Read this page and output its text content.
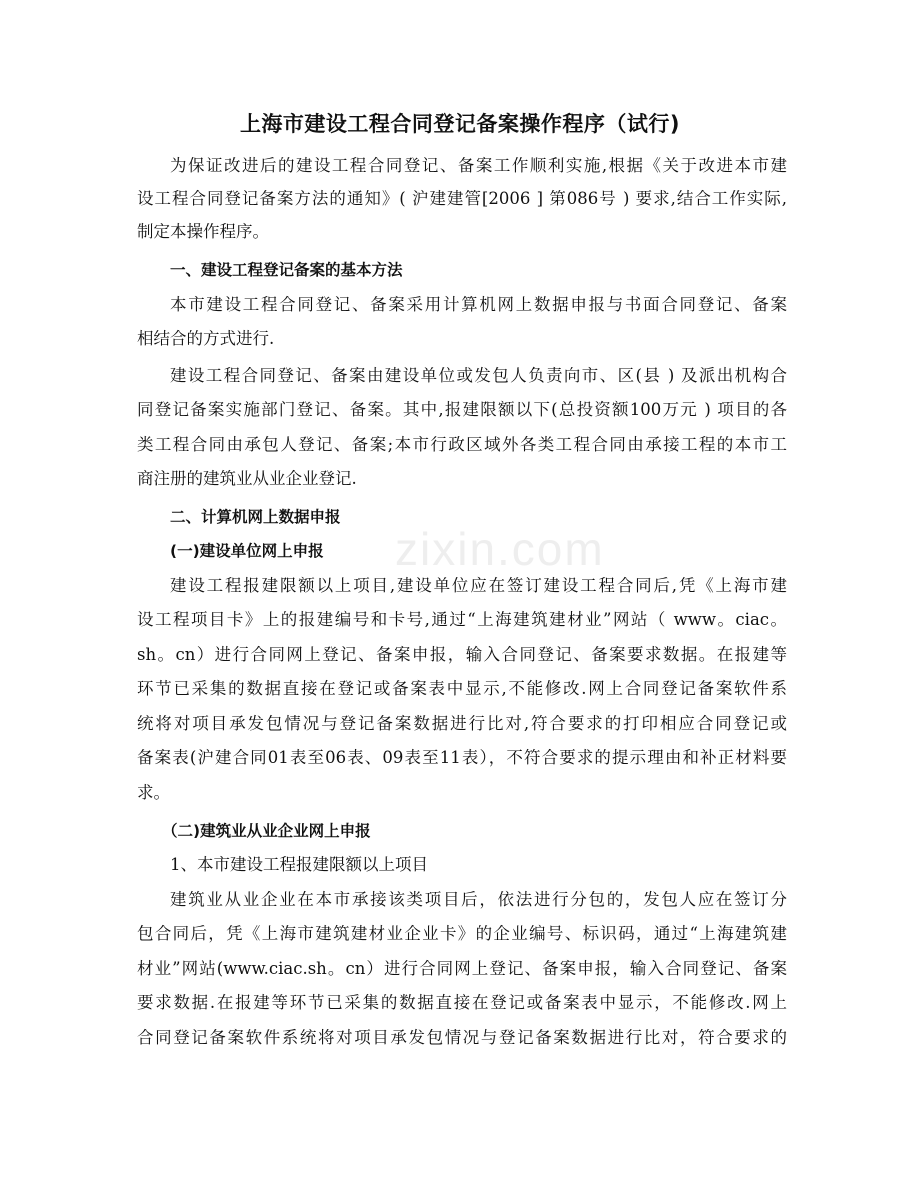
上海市建设工程合同登记备案操作程序（试行)
为保证改进后的建设工程合同登记、备案工作顺利实施,根据《关于改进本市建
设工程合同登记备案方法的通知》( 沪建建管[2006 ] 第086号 ) 要求,结合工作实际,
制定本操作程序。
一、建设工程登记备案的基本方法
本市建设工程合同登记、备案采用计算机网上数据申报与书面合同登记、备案
相结合的方式进行.
建设工程合同登记、备案由建设单位或发包人负责向市、区(县 ) 及派出机构合
同登记备案实施部门登记、备案。其中,报建限额以下(总投资额100万元 ) 项目的各
类工程合同由承包人登记、备案;本市行政区域外各类工程合同由承接工程的本市工
商注册的建筑业从业企业登记.
二、计算机网上数据申报
(一)建设单位网上申报
建设工程报建限额以上项目,建设单位应在签订建设工程合同后,凭《上海市建
设工程项目卡》上的报建编号和卡号,通过“上海建筑建材业”网站（ www。ciac。
sh。cn）进行合同网上登记、备案申报，输入合同登记、备案要求数据。在报建等
环节已采集的数据直接在登记或备案表中显示,不能修改.网上合同登记备案软件系
统将对项目承发包情况与登记备案数据进行比对,符合要求的打印相应合同登记或
备案表(沪建合同01表至06表、09表至11表），不符合要求的提示理由和补正材料要
求。
（二)建筑业从业企业网上申报
1、本市建设工程报建限额以上项目
建筑业从业企业在本市承接该类项目后，依法进行分包的，发包人应在签订分
包合同后，凭《上海市建筑建材业企业卡》的企业编号、标识码，通过“上海建筑建
材业”网站(www.ciac.sh。cn）进行合同网上登记、备案申报，输入合同登记、备案
要求数据.在报建等环节已采集的数据直接在登记或备案表中显示，不能修改.网上
合同登记备案软件系统将对项目承发包情况与登记备案数据进行比对，符合要求的
zixin.com
